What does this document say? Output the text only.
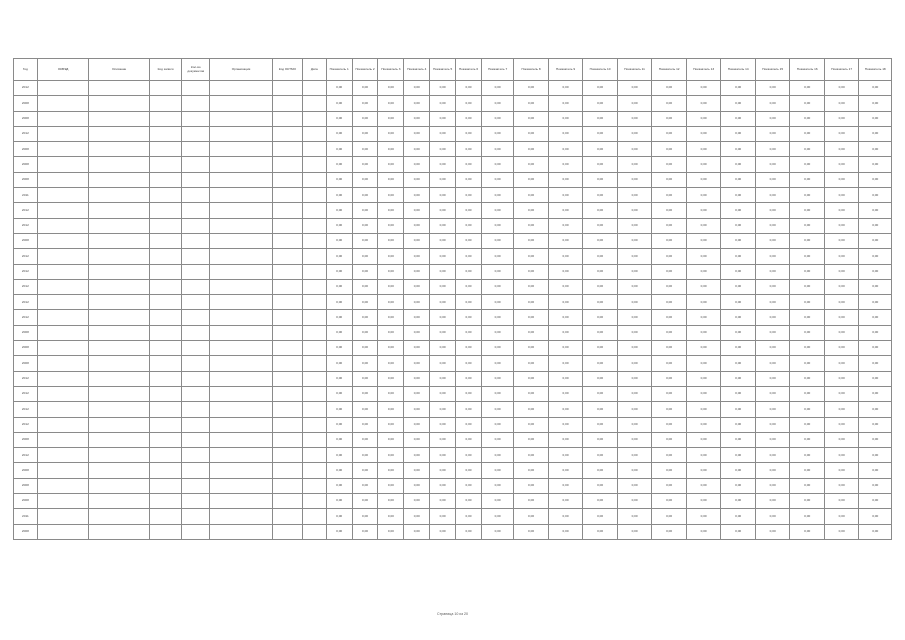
Год	ОКВЭД	Описание	Код записи	Кол-во документов	Организация	Код ОКТМО	Дата	Показатель 1	Показатель 2	Показатель 3	Показатель 4	Показатель 5	Показатель 6	Показатель 7	Показатель 8	Показатель 9	Показатель 10	Показатель 11	Показатель 12	Показатель 13	Показатель 14	Показатель 15	Показатель 16	Показатель 17	Показатель 18
2012								0,00	0,00	0,00	0,00	0,00	0,00	0,00	0,00	0,00	0,00	0,00	0,00	0,00	0,00	0,00	0,00	0,00	0,00
2008								0,00	0,00	0,00	0,00	0,00	0,00	0,00	0,00	0,00	0,00	0,00	0,00	0,00	0,00	0,00	0,00	0,00	0,00
2008								0,00	0,00	0,00	0,00	0,00	0,00	0,00	0,00	0,00	0,00	0,00	0,00	0,00	0,00	0,00	0,00	0,00	0,00
2012								0,00	0,00	0,00	0,00	0,00	0,00	0,00	0,00	0,00	0,00	0,00	0,00	0,00	0,00	0,00	0,00	0,00	0,00
2008								0,00	0,00	0,00	0,00	0,00	0,00	0,00	0,00	0,00	0,00	0,00	0,00	0,00	0,00	0,00	0,00	0,00	0,00
2008								0,00	0,00	0,00	0,00	0,00	0,00	0,00	0,00	0,00	0,00	0,00	0,00	0,00	0,00	0,00	0,00	0,00	0,00
2008								0,00	0,00	0,00	0,00	0,00	0,00	0,00	0,00	0,00	0,00	0,00	0,00	0,00	0,00	0,00	0,00	0,00	0,00
2011								0,00	0,00	0,00	0,00	0,00	0,00	0,00	0,00	0,00	0,00	0,00	0,00	0,00	0,00	0,00	0,00	0,00	0,00
2012								0,00	0,00	0,00	0,00	0,00	0,00	0,00	0,00	0,00	0,00	0,00	0,00	0,00	0,00	0,00	0,00	0,00	0,00
2012								0,00	0,00	0,00	0,00	0,00	0,00	0,00	0,00	0,00	0,00	0,00	0,00	0,00	0,00	0,00	0,00	0,00	0,00
2008								0,00	0,00	0,00	0,00	0,00	0,00	0,00	0,00	0,00	0,00	0,00	0,00	0,00	0,00	0,00	0,00	0,00	0,00
2012								0,00	0,00	0,00	0,00	0,00	0,00	0,00	0,00	0,00	0,00	0,00	0,00	0,00	0,00	0,00	0,00	0,00	0,00
2012								0,00	0,00	0,00	0,00	0,00	0,00	0,00	0,00	0,00	0,00	0,00	0,00	0,00	0,00	0,00	0,00	0,00	0,00
2012								0,00	0,00	0,00	0,00	0,00	0,00	0,00	0,00	0,00	0,00	0,00	0,00	0,00	0,00	0,00	0,00	0,00	0,00
2012								0,00	0,00	0,00	0,00	0,00	0,00	0,00	0,00	0,00	0,00	0,00	0,00	0,00	0,00	0,00	0,00	0,00	0,00
2012								0,00	0,00	0,00	0,00	0,00	0,00	0,00	0,00	0,00	0,00	0,00	0,00	0,00	0,00	0,00	0,00	0,00	0,00
2008								0,00	0,00	0,00	0,00	0,00	0,00	0,00	0,00	0,00	0,00	0,00	0,00	0,00	0,00	0,00	0,00	0,00	0,00
2008								0,00	0,00	0,00	0,00	0,00	0,00	0,00	0,00	0,00	0,00	0,00	0,00	0,00	0,00	0,00	0,00	0,00	0,00
2008								0,00	0,00	0,00	0,00	0,00	0,00	0,00	0,00	0,00	0,00	0,00	0,00	0,00	0,00	0,00	0,00	0,00	0,00
2012								0,00	0,00	0,00	0,00	0,00	0,00	0,00	0,00	0,00	0,00	0,00	0,00	0,00	0,00	0,00	0,00	0,00	0,00
2012								0,00	0,00	0,00	0,00	0,00	0,00	0,00	0,00	0,00	0,00	0,00	0,00	0,00	0,00	0,00	0,00	0,00	0,00
2012								0,00	0,00	0,00	0,00	0,00	0,00	0,00	0,00	0,00	0,00	0,00	0,00	0,00	0,00	0,00	0,00	0,00	0,00
2012								0,00	0,00	0,00	0,00	0,00	0,00	0,00	0,00	0,00	0,00	0,00	0,00	0,00	0,00	0,00	0,00	0,00	0,00
2008								0,00	0,00	0,00	0,00	0,00	0,00	0,00	0,00	0,00	0,00	0,00	0,00	0,00	0,00	0,00	0,00	0,00	0,00
2012								0,00	0,00	0,00	0,00	0,00	0,00	0,00	0,00	0,00	0,00	0,00	0,00	0,00	0,00	0,00	0,00	0,00	0,00
2008								0,00	0,00	0,00	0,00	0,00	0,00	0,00	0,00	0,00	0,00	0,00	0,00	0,00	0,00	0,00	0,00	0,00	0,00
2008								0,00	0,00	0,00	0,00	0,00	0,00	0,00	0,00	0,00	0,00	0,00	0,00	0,00	0,00	0,00	0,00	0,00	0,00
2008								0,00	0,00	0,00	0,00	0,00	0,00	0,00	0,00	0,00	0,00	0,00	0,00	0,00	0,00	0,00	0,00	0,00	0,00
2011								0,00	0,00	0,00	0,00	0,00	0,00	0,00	0,00	0,00	0,00	0,00	0,00	0,00	0,00	0,00	0,00	0,00	0,00
2008								0,00	0,00	0,00	0,00	0,00	0,00	0,00	0,00	0,00	0,00	0,00	0,00	0,00	0,00	0,00	0,00	0,00	0,00
Страница 10 из 20
